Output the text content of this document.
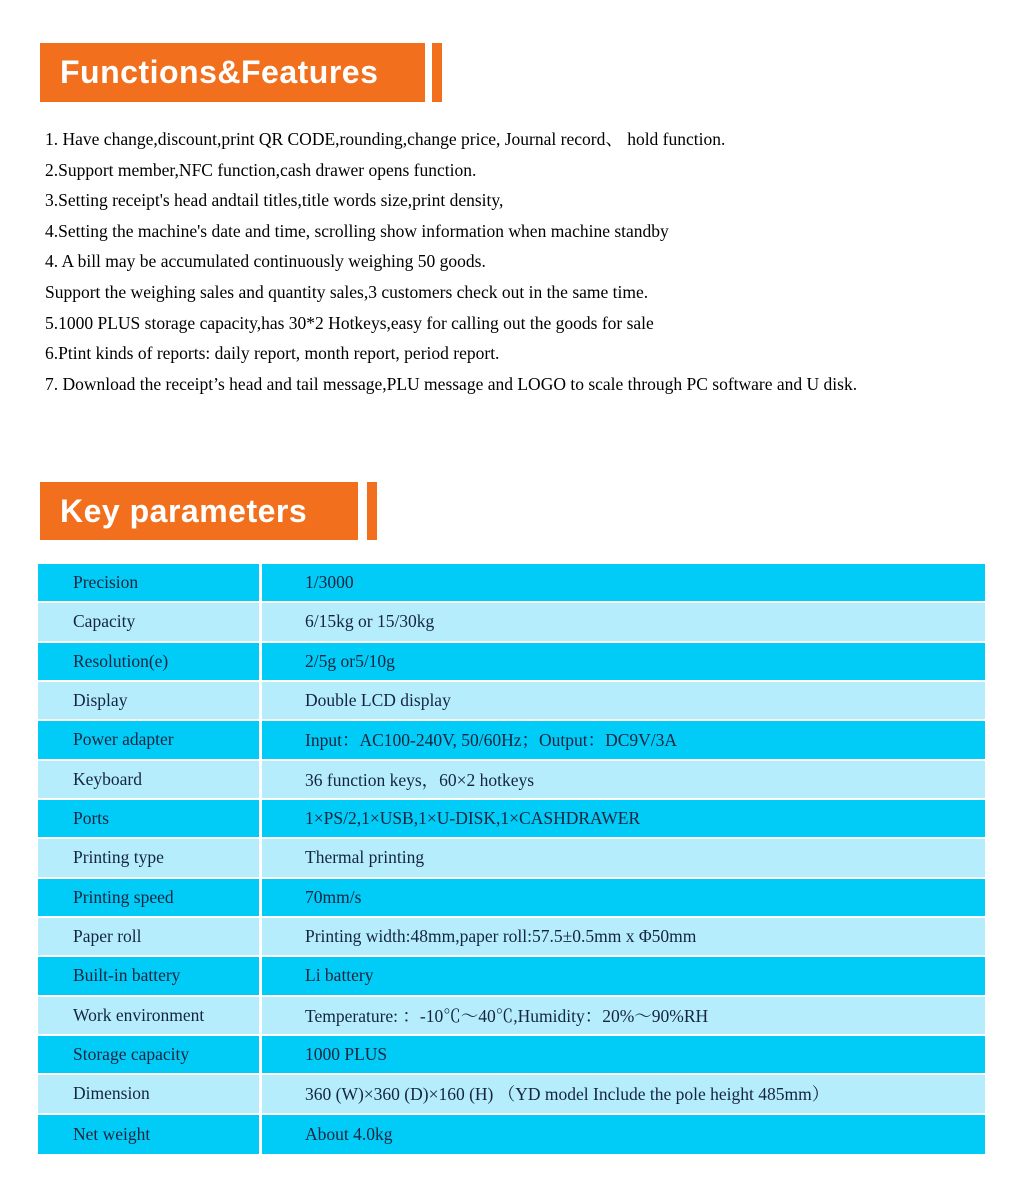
Functions&Features

1. Have change,discount,print QR CODE,rounding,change price, Journal record、 hold function.

2.Support member,NFC function,cash drawer opens function.

3.Setting receipt's head andtail titles,title words size,print density,

4.Setting the machine's date and time, scrolling show information when machine standby

4. A bill may be accumulated continuously weighing 50 goods.

Support the weighing sales and quantity sales,3 customers check out in the same time.

5.1000 PLUS storage capacity,has 30*2 Hotkeys,easy for calling out the goods for sale

6.Ptint kinds of reports: daily report, month report, period report.

7. Download the receipt’s head and tail message,PLU message and LOGO to scale through PC software and U disk.

Key parameters
Precision	1/3000
Capacity	6/15kg or 15/30kg
Resolution(e)	2/5g or5/10g
Display	Double LCD display
Power adapter	Input：AC100-240V, 50/60Hz；Output：DC9V/3A
Keyboard	36 function keys，60×2 hotkeys
Ports	1×PS/2,1×USB,1×U-DISK,1×CASHDRAWER
Printing type	Thermal printing
Printing speed	70mm/s
Paper roll	Printing width:48mm,paper roll:57.5±0.5mm x Φ50mm
Built-in battery	Li battery
Work environment	Temperature: ：-10℃～40℃,Humidity：20%～90%RH
Storage capacity	1000 PLUS
Dimension	360 (W)×360 (D)×160 (H) （YD model Include the pole height 485mm）
Net weight	About 4.0kg
